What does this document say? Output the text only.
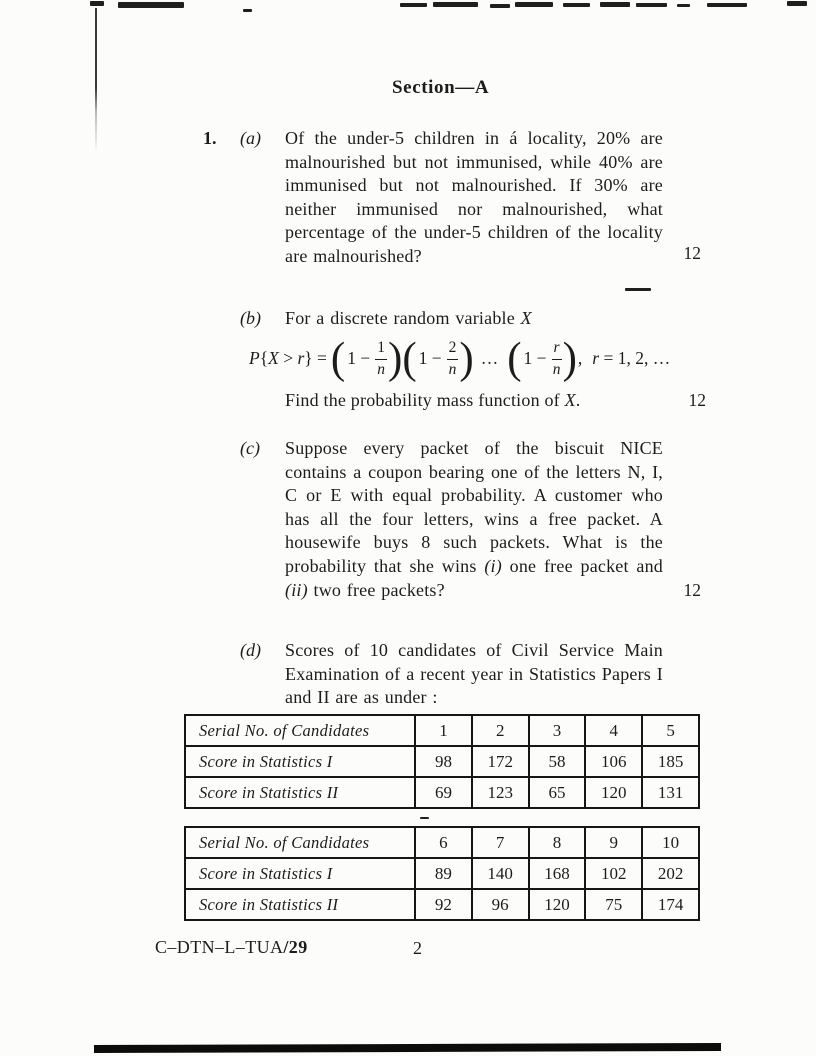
Section—A
1.	(a)	Of the under-5 children in á locality, 20% are malnourished but not immunised, while 40% are immunised but not malnourished. If 30% are neither immunised nor malnourished, what percentage of the under-5 children of the locality are malnourished?	12
(b)	For a discrete random variable X

P{X > r} = ( $1 - \frac{1}{n}$ ) ( $1 - \frac{2}{n}$ ) … ( $1 - \frac{r}{n}$ ) , r = 1, 2, …

Find the probability mass function of X.	12
(c)	Suppose every packet of the biscuit NICE contains a coupon bearing one of the letters N, I, C or E with equal probability. A customer who has all the four letters, wins a free packet. A housewife buys 8 such packets. What is the probability that she wins (i) one free packet and (ii) two free packets?	12
(d)	Scores of 10 candidates of Civil Service Main Examination of a recent year in Statistics Papers I and II are as under :

Serial No. of Candidates	1	2	3	4	5
Score in Statistics I	98	172	58	106	185
Score in Statistics II	69	123	65	120	131
Serial No. of Candidates	6	7	8	9	10
Score in Statistics I	89	140	168	102	202
Score in Statistics II	92	96	120	75	174
C–DTN–L–TUA/29	2
